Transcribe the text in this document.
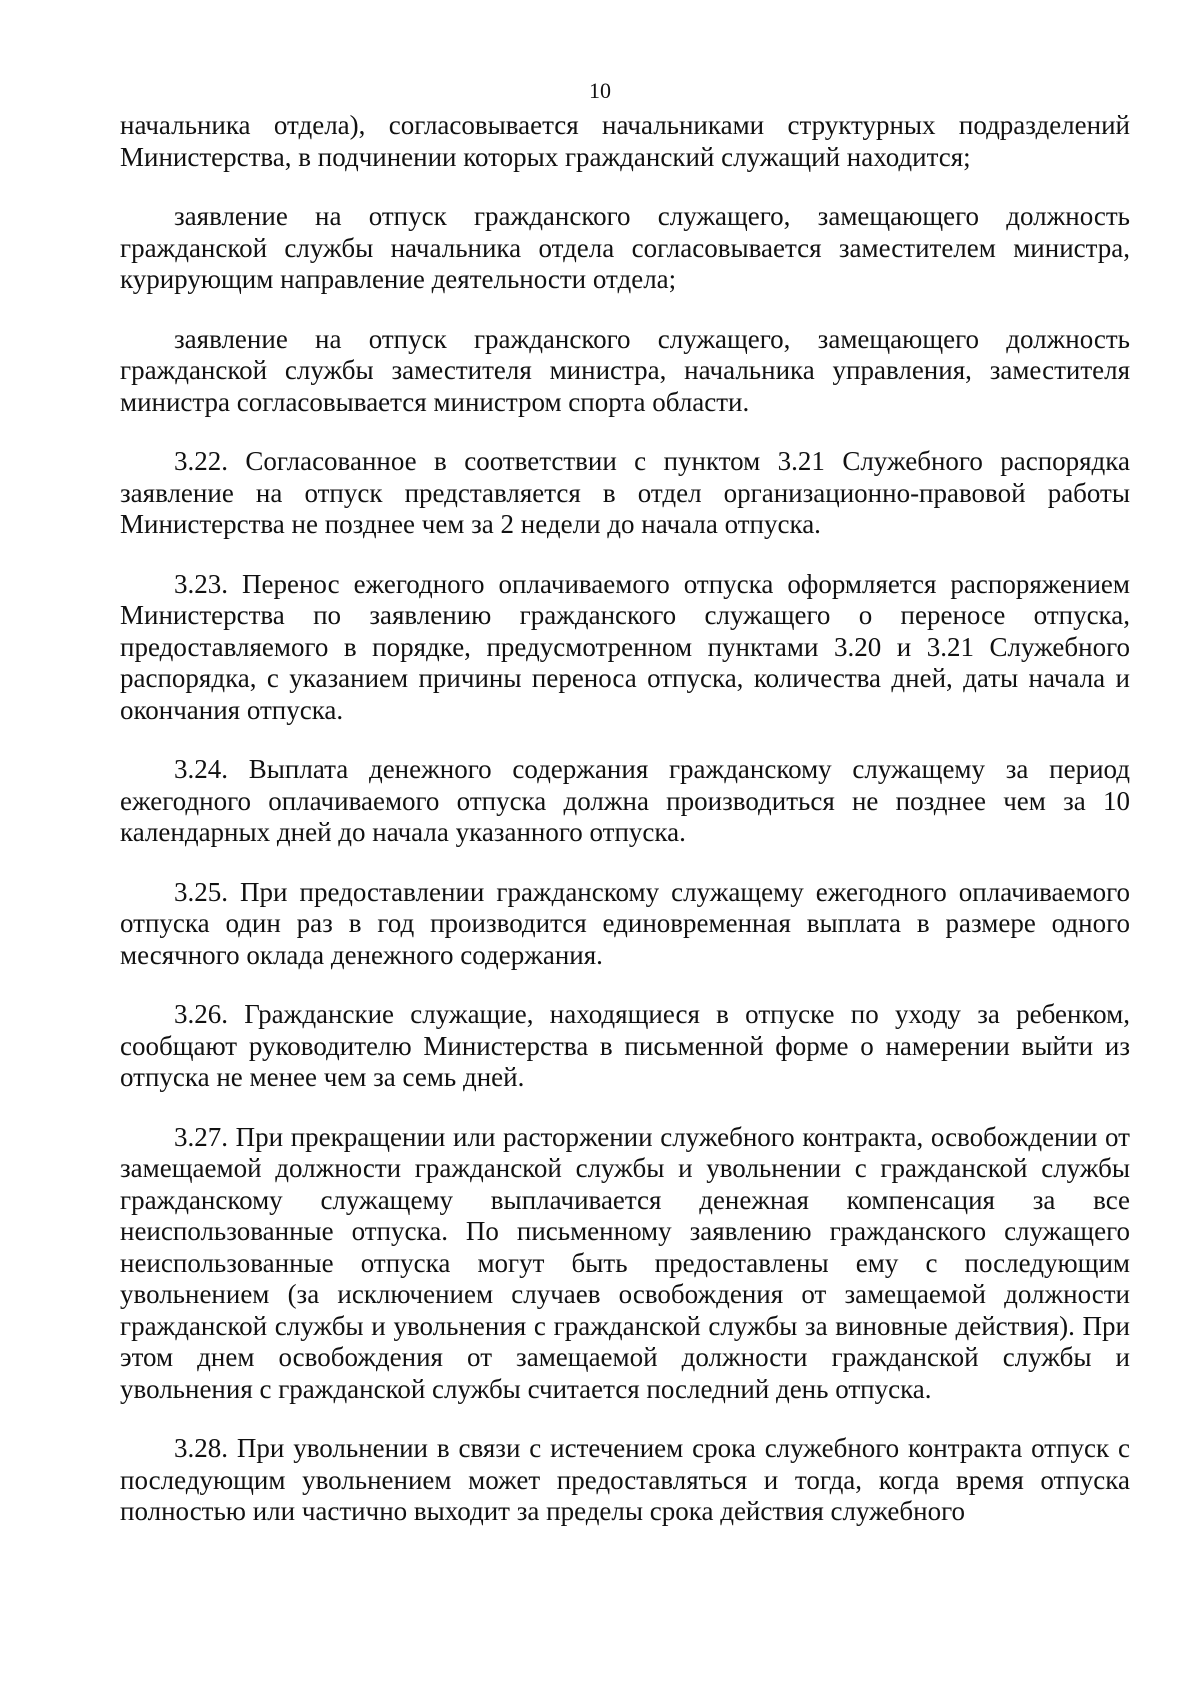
10

начальника отдела), согласовывается начальниками структурных подразделений Министерства, в подчинении которых гражданский служащий находится;

заявление на отпуск гражданского служащего, замещающего должность гражданской службы начальника отдела согласовывается заместителем министра, курирующим направление деятельности отдела;

заявление на отпуск гражданского служащего, замещающего должность гражданской службы заместителя министра, начальника управления, заместителя министра согласовывается министром спорта области.

3.22. Согласованное в соответствии с пунктом 3.21 Служебного распорядка заявление на отпуск представляется в отдел организационно-правовой работы Министерства не позднее чем за 2 недели до начала отпуска.

3.23. Перенос ежегодного оплачиваемого отпуска оформляется распоряжением Министерства по заявлению гражданского служащего о переносе отпуска, предоставляемого в порядке, предусмотренном пунктами 3.20 и 3.21 Служебного распорядка, с указанием причины переноса отпуска, количества дней, даты начала и окончания отпуска.

3.24. Выплата денежного содержания гражданскому служащему за период ежегодного оплачиваемого отпуска должна производиться не позднее чем за 10 календарных дней до начала указанного отпуска.

3.25. При предоставлении гражданскому служащему ежегодного оплачиваемого отпуска один раз в год производится единовременная выплата в размере одного месячного оклада денежного содержания.

3.26. Гражданские служащие, находящиеся в отпуске по уходу за ребенком, сообщают руководителю Министерства в письменной форме о намерении выйти из отпуска не менее чем за семь дней.

3.27. При прекращении или расторжении служебного контракта, освобождении от замещаемой должности гражданской службы и увольнении с гражданской службы гражданскому служащему выплачивается денежная компенсация за все неиспользованные отпуска. По письменному заявлению гражданского служащего неиспользованные отпуска могут быть предоставлены ему с последующим увольнением (за исключением случаев освобождения от замещаемой должности гражданской службы и увольнения с гражданской службы за виновные действия). При этом днем освобождения от замещаемой должности гражданской службы и увольнения с гражданской службы считается последний день отпуска.

3.28. При увольнении в связи с истечением срока служебного контракта отпуск с последующим увольнением может предоставляться и тогда, когда время отпуска полностью или частично выходит за пределы срока действия служебного
